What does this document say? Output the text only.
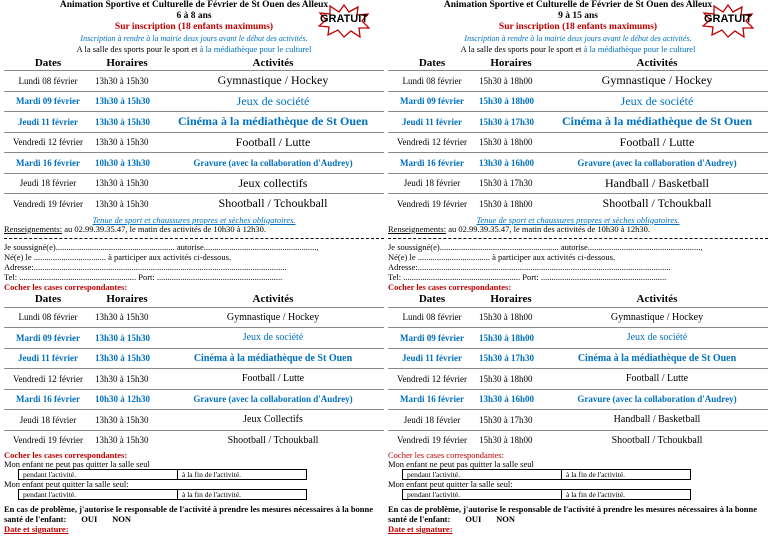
Animation Sportive et Culturelle de Février de St Ouen des Alleux
6 à 8 ans
Sur inscription (18 enfants maximums)
Inscription à rendre à la mairie deux jours avant le début des activités.
A la salle des sports pour le sport et à la médiathèque pour le culturel
GRATUIT
Dates	Horaires	Activités
Lundi 08 février	13h30 à 15h30	Gymnastique / Hockey
Mardi 09 février	13h30 à 15h30	Jeux de société
Jeudi 11 février	13h30 à 15h30	Cinéma à la médiathèque de St Ouen
Vendredi 12 février	13h30 à 15h30	Football / Lutte
Mardi 16 février	10h30 à 13h30	Gravure (avec la collaboration d'Audrey)
Jeudi 18 février	13h30 à 15h30	Jeux collectifs
Vendredi 19 février	13h30 à 15h30	Shootball / Tchoukball
Tenue de sport et chaussures propres et sèches obligatoires.
Renseignements: au 02.99.39.35.47, le matin des activités de 10h30 à 12h30.
Je soussigné(e)........................................................ autorise.....................................................,
Né(e) le .................................. à participer aux activités ci-dessous.
Adresse:.......................................................................................................................
Tel: ....................................................... Port: ...........................................................
Cocher les cases correspondantes:
Dates	Horaires	Activités
Lundi 08 février	13h30 à 15h30	Gymnastique / Hockey
Mardi 09 février	13h30 à 15h30	Jeux de société
Jeudi 11 février	13h30 à 15h30	Cinéma à la médiathèque de St Ouen
Vendredi 12 février	13h30 à 15h30	Football / Lutte
Mardi 16 février	10h30 à 12h30	Gravure (avec la collaboration d'Audrey)
Jeudi 18 février	13h30 à 15h30	Jeux Collectifs
Vendredi 19 février	13h30 à 15h30	Shootball / Tchoukball
Cocher les cases correspondantes:
Mon enfant ne peut pas quitter la salle seul
pendant l'activité.	à la fin de l'activité.
Mon enfant peut quitter la salle seul:
pendant l'activité.	à la fin de l'activité.
En cas de problème, j'autorise le responsable de l'activité à prendre les mesures nécessaires à la bonne santé de l'enfant: OUI NON
Date et signature:
Animation Sportive et Culturelle de Février de St Ouen des Alleux
9 à 15 ans
Sur inscription (18 enfants maximums)
Inscription à rendre à la mairie deux jours avant le début des activités.
A la salle des sports pour le sport et à la médiathèque pour le culturel
GRATUIT
Dates	Horaires	Activités
Lundi 08 février	15h30 à 18h00	Gymnastique / Hockey
Mardi 09 février	15h30 à 18h00	Jeux de société
Jeudi 11 février	15h30 à 17h30	Cinéma à la médiathèque de St Ouen
Vendredi 12 février	15h30 à 18h00	Football / Lutte
Mardi 16 février	13h30 à 16h00	Gravure (avec la collaboration d'Audrey)
Jeudi 18 février	15h30 à 17h30	Handball / Basketball
Vendredi 19 février	15h30 à 18h00	Shootball / Tchoukball
Tenue de sport et chaussures propres et sèches obligatoires.
Renseignements: au 02.99.39.35.47, le matin des activités de 10h30 à 12h30.
Je soussigné(e)........................................................ autorise.....................................................,
Né(e) le .................................. à participer aux activités ci-dessous.
Adresse:.......................................................................................................................
Tel: ....................................................... Port: ...........................................................
Cocher les cases correspondantes:
Dates	Horaires	Activités
Lundi 08 février	15h30 à 18h00	Gymnastique / Hockey
Mardi 09 février	15h30 à 18h00	Jeux de société
Jeudi 11 février	15h30 à 17h30	Cinéma à la médiathèque de St Ouen
Vendredi 12 février	15h30 à 18h00	Football / Lutte
Mardi 16 février	13h30 à 16h00	Gravure (avec la collaboration d'Audrey)
Jeudi 18 février	15h30 à 17h30	Handball / Basketball
Vendredi 19 février	15h30 à 18h00	Shootball / Tchoukball
Cocher les cases correspondantes:
Mon enfant ne peut pas quitter la salle seul
pendant l'activité.	à la fin de l'activité.
Mon enfant peut quitter la salle seul:
pendant l'activité.	à la fin de l'activité.
En cas de problème, j'autorise le responsable de l'activité à prendre les mesures nécessaires à la bonne santé de l'enfant: OUI NON
Date et signature:
